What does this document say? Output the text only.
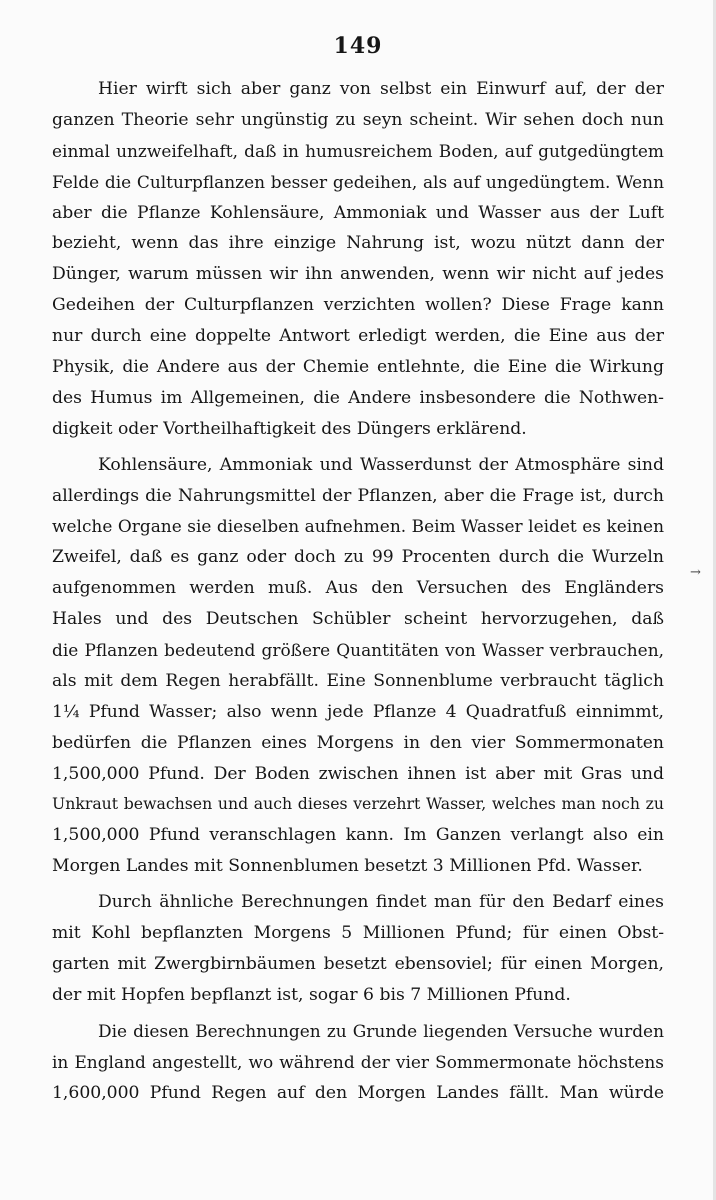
149
Hier wirft sich aber ganz von selbst ein Einwurf auf, der der
ganzen Theorie sehr ungünstig zu seyn scheint. Wir sehen doch nun
einmal unzweifelhaft, daß in humusreichem Boden, auf gutgedüngtem
Felde die Culturpflanzen besser gedeihen, als auf ungedüngtem. Wenn
aber die Pflanze Kohlensäure, Ammoniak und Wasser aus der Luft
bezieht, wenn das ihre einzige Nahrung ist, wozu nützt dann der
Dünger, warum müssen wir ihn anwenden, wenn wir nicht auf jedes
Gedeihen der Culturpflanzen verzichten wollen? Diese Frage kann
nur durch eine doppelte Antwort erledigt werden, die Eine aus der
Physik, die Andere aus der Chemie entlehnte, die Eine die Wirkung
des Humus im Allgemeinen, die Andere insbesondere die Nothwen-
digkeit oder Vortheilhaftigkeit des Düngers erklärend.
Kohlensäure, Ammoniak und Wasserdunst der Atmosphäre sind
allerdings die Nahrungsmittel der Pflanzen, aber die Frage ist, durch
welche Organe sie dieselben aufnehmen. Beim Wasser leidet es keinen
Zweifel, daß es ganz oder doch zu 99 Procenten durch die Wurzeln
aufgenommen werden muß. Aus den Versuchen des Engländers
Hales und des Deutschen Schübler scheint hervorzugehen, daß
die Pflanzen bedeutend größere Quantitäten von Wasser verbrauchen,
als mit dem Regen herabfällt. Eine Sonnenblume verbraucht täglich
1¼ Pfund Wasser; also wenn jede Pflanze 4 Quadratfuß einnimmt,
bedürfen die Pflanzen eines Morgens in den vier Sommermonaten
1,500,000 Pfund. Der Boden zwischen ihnen ist aber mit Gras und
Unkraut bewachsen und auch dieses verzehrt Wasser, welches man noch zu
1,500,000 Pfund veranschlagen kann. Im Ganzen verlangt also ein
Morgen Landes mit Sonnenblumen besetzt 3 Millionen Pfd. Wasser.
Durch ähnliche Berechnungen findet man für den Bedarf eines
mit Kohl bepflanzten Morgens 5 Millionen Pfund; für einen Obst-
garten mit Zwergbirnbäumen besetzt ebensoviel; für einen Morgen,
der mit Hopfen bepflanzt ist, sogar 6 bis 7 Millionen Pfund.
Die diesen Berechnungen zu Grunde liegenden Versuche wurden
in England angestellt, wo während der vier Sommermonate höchstens
1,600,000 Pfund Regen auf den Morgen Landes fällt. Man würde
→
